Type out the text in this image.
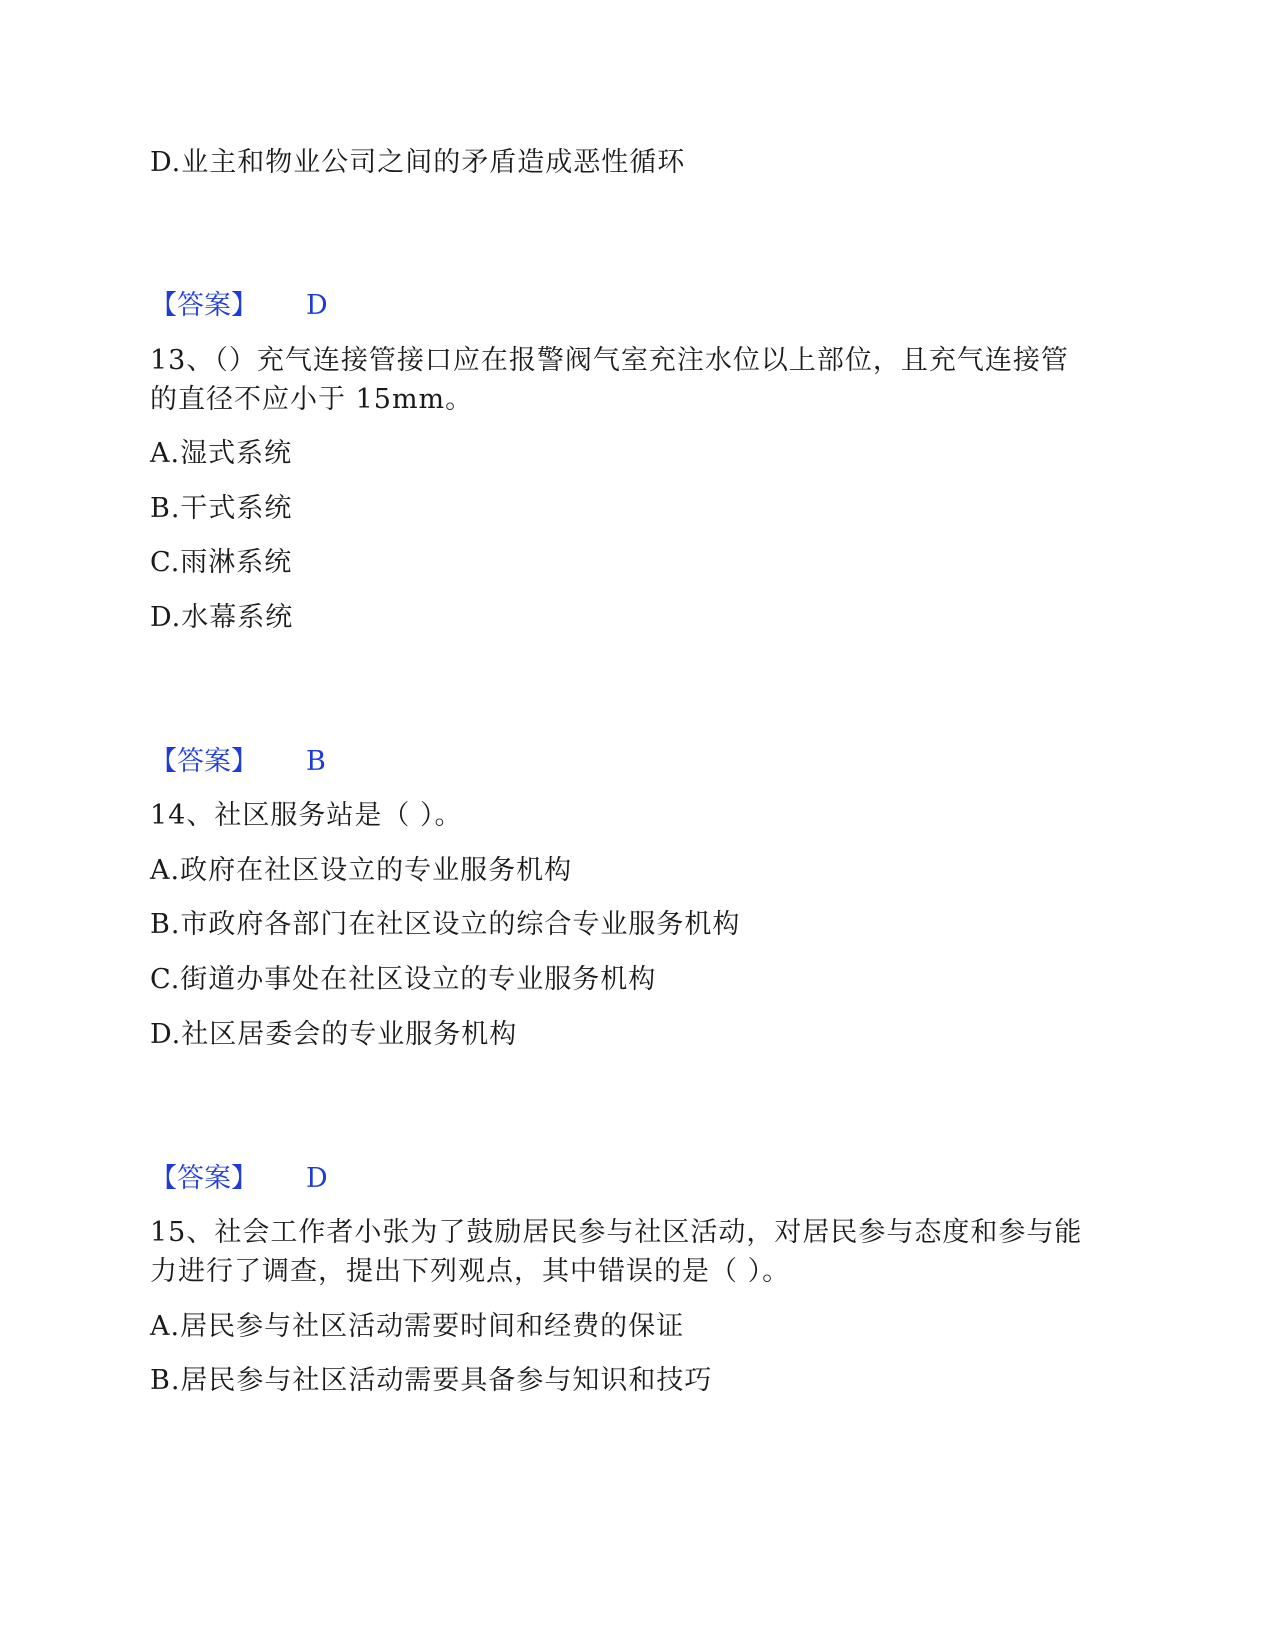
D.业主和物业公司之间的矛盾造成恶性循环
【答案】 D
13、（）充气连接管接口应在报警阀气室充注水位以上部位，且充气连接管
的直径不应小于 15mm。
A.湿式系统
B.干式系统
C.雨淋系统
D.水幕系统
【答案】 B
14、社区服务站是（ ）。
A.政府在社区设立的专业服务机构
B.市政府各部门在社区设立的综合专业服务机构
C.街道办事处在社区设立的专业服务机构
D.社区居委会的专业服务机构
【答案】 D
15、社会工作者小张为了鼓励居民参与社区活动，对居民参与态度和参与能
力进行了调查，提出下列观点，其中错误的是（ ）。
A.居民参与社区活动需要时间和经费的保证
B.居民参与社区活动需要具备参与知识和技巧
